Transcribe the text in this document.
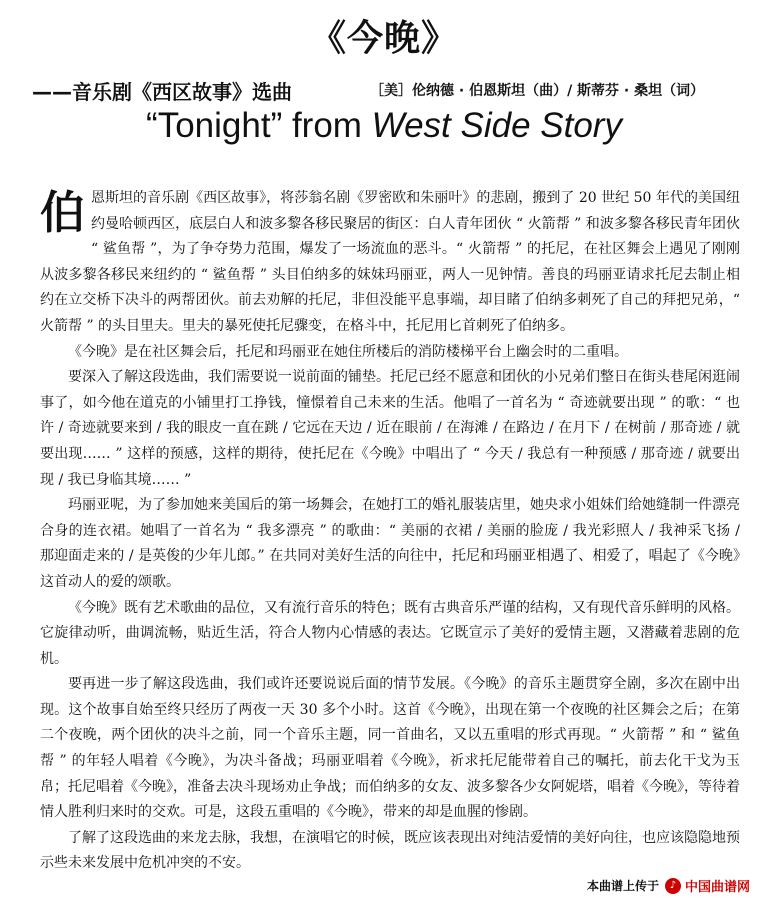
《今晚》
——音乐剧《西区故事》选曲	［美］伦纳德 · 伯恩斯坦（曲）/ 斯蒂芬 · 桑坦（词）
“Tonight” from West Side Story

伯恩斯坦的音乐剧《西区故事》，将莎翁名剧《罗密欧和朱丽叶》的悲剧，搬到了 20 世纪 50 年代的美国纽约曼哈顿西区，底层白人和波多黎各移民聚居的街区：白人青年团伙 “ 火箭帮 ” 和波多黎各移民青年团伙 “ 鲨鱼帮 ”，为了争夺势力范围，爆发了一场流血的恶斗。“ 火箭帮 ” 的托尼，在社区舞会上遇见了刚刚从波多黎各移民来纽约的 “ 鲨鱼帮 ” 头目伯纳多的妹妹玛丽亚，两人一见钟情。善良的玛丽亚请求托尼去制止相约在立交桥下决斗的两帮团伙。前去劝解的托尼，非但没能平息事端，却目睹了伯纳多刺死了自己的拜把兄弟，“ 火箭帮 ” 的头目里夫。里夫的暴死使托尼骤变，在格斗中，托尼用匕首刺死了伯纳多。

《今晚》是在社区舞会后，托尼和玛丽亚在她住所楼后的消防楼梯平台上幽会时的二重唱。

要深入了解这段选曲，我们需要说一说前面的铺垫。托尼已经不愿意和团伙的小兄弟们整日在街头巷尾闲逛闹事了，如今他在道克的小铺里打工挣钱，憧憬着自己未来的生活。他唱了一首名为 “ 奇迹就要出现 ” 的歌：“ 也许 / 奇迹就要来到 / 我的眼皮一直在跳 / 它远在天边 / 近在眼前 / 在海滩 / 在路边 / 在月下 / 在树前 / 那奇迹 / 就要出现…… ” 这样的预感，这样的期待，使托尼在《今晚》中唱出了 “ 今天 / 我总有一种预感 / 那奇迹 / 就要出现 / 我已身临其境…… ”

玛丽亚呢，为了参加她来美国后的第一场舞会，在她打工的婚礼服装店里，她央求小姐妹们给她缝制一件漂亮合身的连衣裙。她唱了一首名为 “ 我多漂亮 ” 的歌曲：“ 美丽的衣裙 / 美丽的脸庞 / 我光彩照人 / 我神采飞扬 / 那迎面走来的 / 是英俊的少年儿郎。” 在共同对美好生活的向往中，托尼和玛丽亚相遇了、相爱了，唱起了《今晚》这首动人的爱的颂歌。

《今晚》既有艺术歌曲的品位，又有流行音乐的特色；既有古典音乐严谨的结构，又有现代音乐鲜明的风格。它旋律动听，曲调流畅，贴近生活，符合人物内心情感的表达。它既宣示了美好的爱情主题，又潜藏着悲剧的危机。

要再进一步了解这段选曲，我们或许还要说说后面的情节发展。《今晚》的音乐主题贯穿全剧，多次在剧中出现。这个故事自始至终只经历了两夜一天 30 多个小时。这首《今晚》，出现在第一个夜晚的社区舞会之后；在第二个夜晚，两个团伙的决斗之前，同一个音乐主题，同一首曲名，又以五重唱的形式再现。“ 火箭帮 ” 和 “ 鲨鱼帮 ” 的年轻人唱着《今晚》，为决斗备战；玛丽亚唱着《今晚》，祈求托尼能带着自己的嘱托，前去化干戈为玉帛；托尼唱着《今晚》，准备去决斗现场劝止争战；而伯纳多的女友、波多黎各少女阿妮塔，唱着《今晚》，等待着情人胜利归来时的交欢。可是，这段五重唱的《今晚》，带来的却是血腥的惨剧。

了解了这段选曲的来龙去脉，我想，在演唱它的时候，既应该表现出对纯洁爱情的美好向往，也应该隐隐地预示些未来发展中危机冲突的不安。

本曲谱上传于	♪ 中国曲谱网
